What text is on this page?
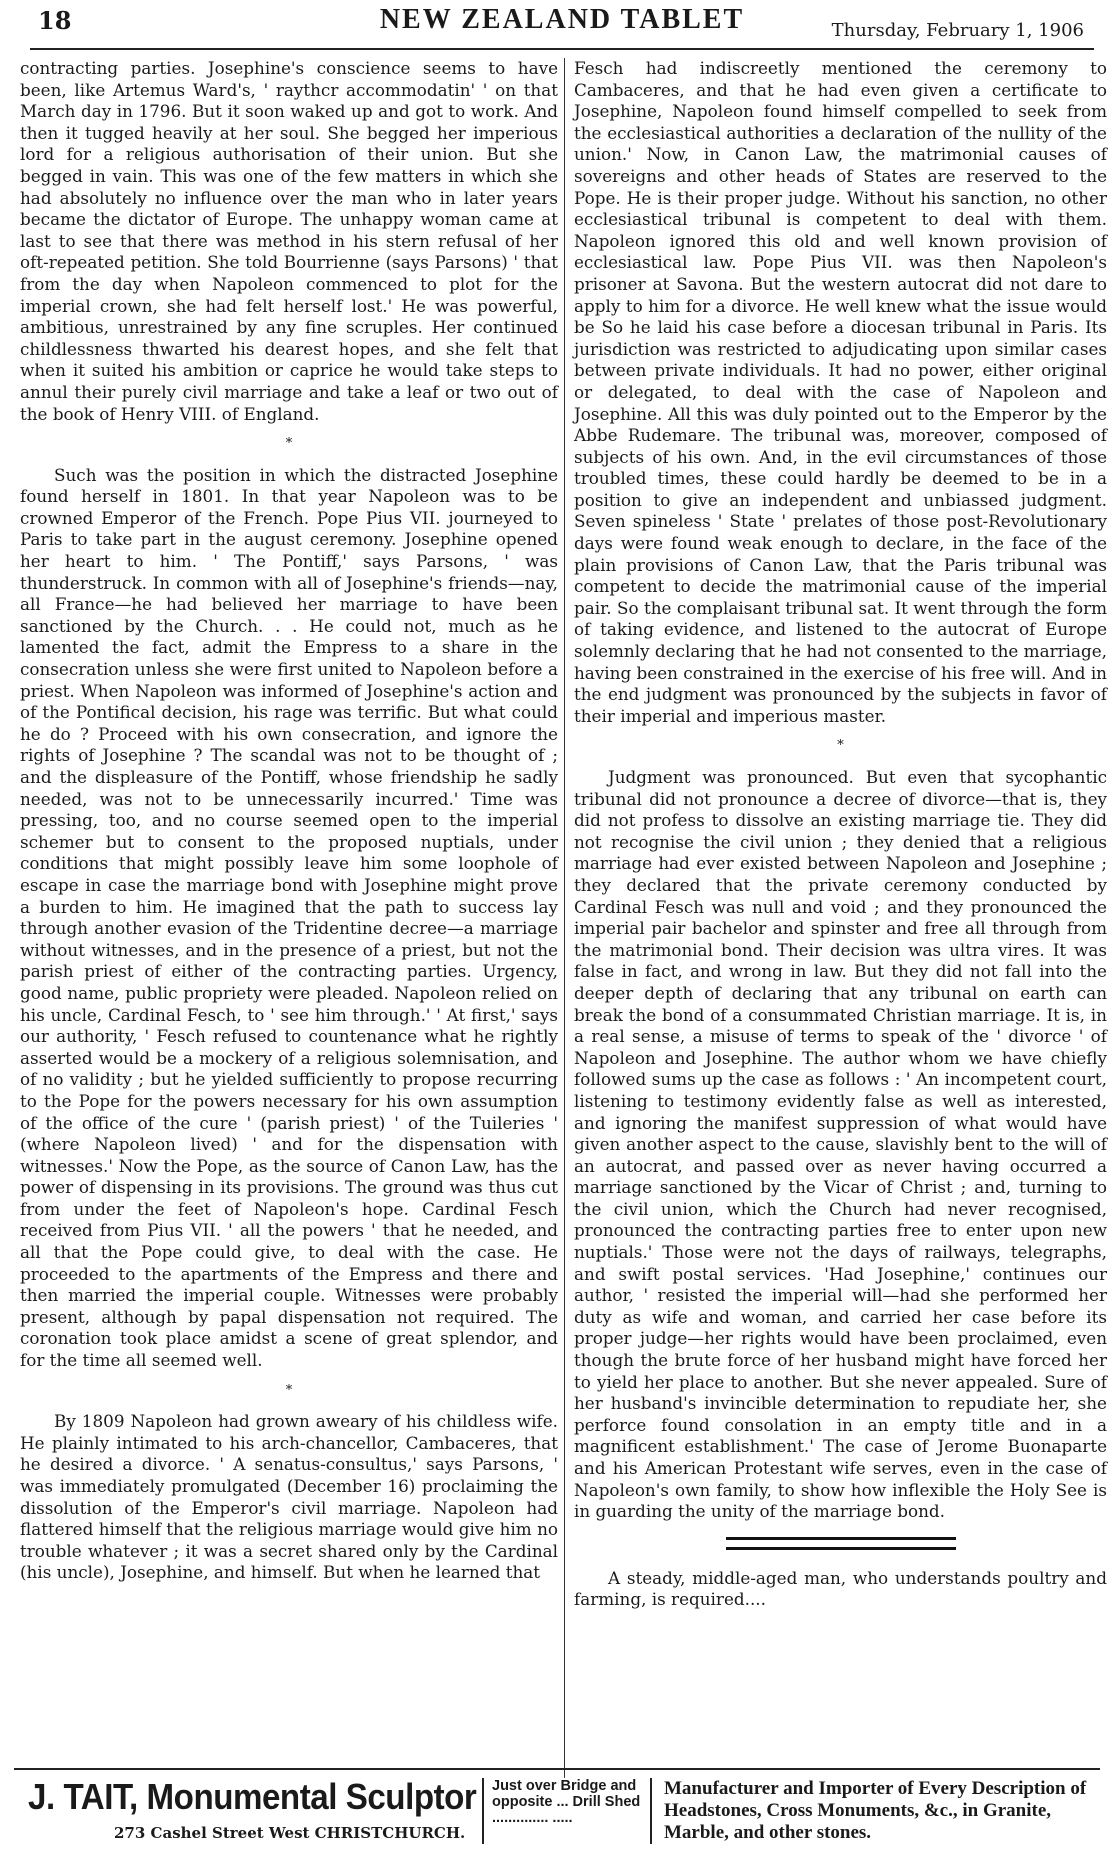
18	NEW ZEALAND TABLET	Thursday, February 1, 1906

contracting parties. Josephine's conscience seems to have been, like Artemus Ward's, ' raythcr accommodatin' ' on that March day in 1796. But it soon waked up and got to work. And then it tugged heavily at her soul. She begged her imperious lord for a religious authorisation of their union. But she begged in vain. This was one of the few matters in which she had absolutely no influence over the man who in later years became the dictator of Europe. The unhappy woman came at last to see that there was method in his stern refusal of her oft-repeated petition. She told Bourrienne (says Parsons) ' that from the day when Napoleon commenced to plot for the imperial crown, she had felt herself lost.' He was powerful, ambitious, unrestrained by any fine scruples. Her continued childlessness thwarted his dearest hopes, and she felt that when it suited his ambition or caprice he would take steps to annul their purely civil marriage and take a leaf or two out of the book of Henry VIII. of England.

*

Such was the position in which the distracted Josephine found herself in 1801. In that year Napoleon was to be crowned Emperor of the French. Pope Pius VII. journeyed to Paris to take part in the august ceremony. Josephine opened her heart to him. ' The Pontiff,' says Parsons, ' was thunderstruck. In common with all of Josephine's friends—nay, all France—he had believed her marriage to have been sanctioned by the Church. . . He could not, much as he lamented the fact, admit the Empress to a share in the consecration unless she were first united to Napoleon before a priest. When Napoleon was informed of Josephine's action and of the Pontifical decision, his rage was terrific. But what could he do ? Proceed with his own consecration, and ignore the rights of Josephine ? The scandal was not to be thought of ; and the displeasure of the Pontiff, whose friendship he sadly needed, was not to be unnecessarily incurred.' Time was pressing, too, and no course seemed open to the imperial schemer but to consent to the proposed nuptials, under conditions that might possibly leave him some loophole of escape in case the marriage bond with Josephine might prove a burden to him. He imagined that the path to success lay through another evasion of the Tridentine decree—a marriage without witnesses, and in the presence of a priest, but not the parish priest of either of the contracting parties. Urgency, good name, public propriety were pleaded. Napoleon relied on his uncle, Cardinal Fesch, to ' see him through.' ' At first,' says our authority, ' Fesch refused to countenance what he rightly asserted would be a mockery of a religious solemnisation, and of no validity ; but he yielded sufficiently to propose recurring to the Pope for the powers necessary for his own assumption of the office of the cure ' (parish priest) ' of the Tuileries ' (where Napoleon lived) ' and for the dispensation with witnesses.' Now the Pope, as the source of Canon Law, has the power of dispensing in its provisions. The ground was thus cut from under the feet of Napoleon's hope. Cardinal Fesch received from Pius VII. ' all the powers ' that he needed, and all that the Pope could give, to deal with the case. He proceeded to the apartments of the Empress and there and then married the imperial couple. Witnesses were probably present, although by papal dispensation not required. The coronation took place amidst a scene of great splendor, and for the time all seemed well.

*

By 1809 Napoleon had grown aweary of his childless wife. He plainly intimated to his arch-chancellor, Cambaceres, that he desired a divorce. ' A senatus-consultus,' says Parsons, ' was immediately promulgated (December 16) proclaiming the dissolution of the Emperor's civil marriage. Napoleon had flattered himself that the religious marriage would give him no trouble whatever ; it was a secret shared only by the Cardinal (his uncle), Josephine, and himself. But when he learned that

Fesch had indiscreetly mentioned the ceremony to Cambaceres, and that he had even given a certificate to Josephine, Napoleon found himself compelled to seek from the ecclesiastical authorities a declaration of the nullity of the union.' Now, in Canon Law, the matrimonial causes of sovereigns and other heads of States are reserved to the Pope. He is their proper judge. Without his sanction, no other ecclesiastical tribunal is competent to deal with them. Napoleon ignored this old and well known provision of ecclesiastical law. Pope Pius VII. was then Napoleon's prisoner at Savona. But the western autocrat did not dare to apply to him for a divorce. He well knew what the issue would be So he laid his case before a diocesan tribunal in Paris. Its jurisdiction was restricted to adjudicating upon similar cases between private individuals. It had no power, either original or delegated, to deal with the case of Napoleon and Josephine. All this was duly pointed out to the Emperor by the Abbe Rudemare. The tribunal was, moreover, composed of subjects of his own. And, in the evil circumstances of those troubled times, these could hardly be deemed to be in a position to give an independent and unbiassed judgment. Seven spineless ' State ' prelates of those post-Revolutionary days were found weak enough to declare, in the face of the plain provisions of Canon Law, that the Paris tribunal was competent to decide the matrimonial cause of the imperial pair. So the complaisant tribunal sat. It went through the form of taking evidence, and listened to the autocrat of Europe solemnly declaring that he had not consented to the marriage, having been constrained in the exercise of his free will. And in the end judgment was pronounced by the subjects in favor of their imperial and imperious master.

*

Judgment was pronounced. But even that sycophantic tribunal did not pronounce a decree of divorce—that is, they did not profess to dissolve an existing marriage tie. They did not recognise the civil union ; they denied that a religious marriage had ever existed between Napoleon and Josephine ; they declared that the private ceremony conducted by Cardinal Fesch was null and void ; and they pronounced the imperial pair bachelor and spinster and free all through from the matrimonial bond. Their decision was ultra vires. It was false in fact, and wrong in law. But they did not fall into the deeper depth of declaring that any tribunal on earth can break the bond of a consummated Christian marriage. It is, in a real sense, a misuse of terms to speak of the ' divorce ' of Napoleon and Josephine. The author whom we have chiefly followed sums up the case as follows : ' An incompetent court, listening to testimony evidently false as well as interested, and ignoring the manifest suppression of what would have given another aspect to the cause, slavishly bent to the will of an autocrat, and passed over as never having occurred a marriage sanctioned by the Vicar of Christ ; and, turning to the civil union, which the Church had never recognised, pronounced the contracting parties free to enter upon new nuptials.' Those were not the days of railways, telegraphs, and swift postal services. 'Had Josephine,' continues our author, ' resisted the imperial will—had she performed her duty as wife and woman, and carried her case before its proper judge—her rights would have been proclaimed, even though the brute force of her husband might have forced her to yield her place to another. But she never appealed. Sure of her husband's invincible determination to repudiate her, she perforce found consolation in an empty title and in a magnificent establishment.' The case of Jerome Buonaparte and his American Protestant wife serves, even in the case of Napoleon's own family, to show how inflexible the Holy See is in guarding the unity of the marriage bond.

A steady, middle-aged man, who understands poultry and farming, is required....

J. TAIT, Monumental Sculptor
273 Cashel Street West CHRISTCHURCH.
Just over Bridge and opposite ... Drill Shed .............. .....
Manufacturer and Importer of Every Description of Headstones, Cross Monuments, &c., in Granite, Marble, and other stones.
